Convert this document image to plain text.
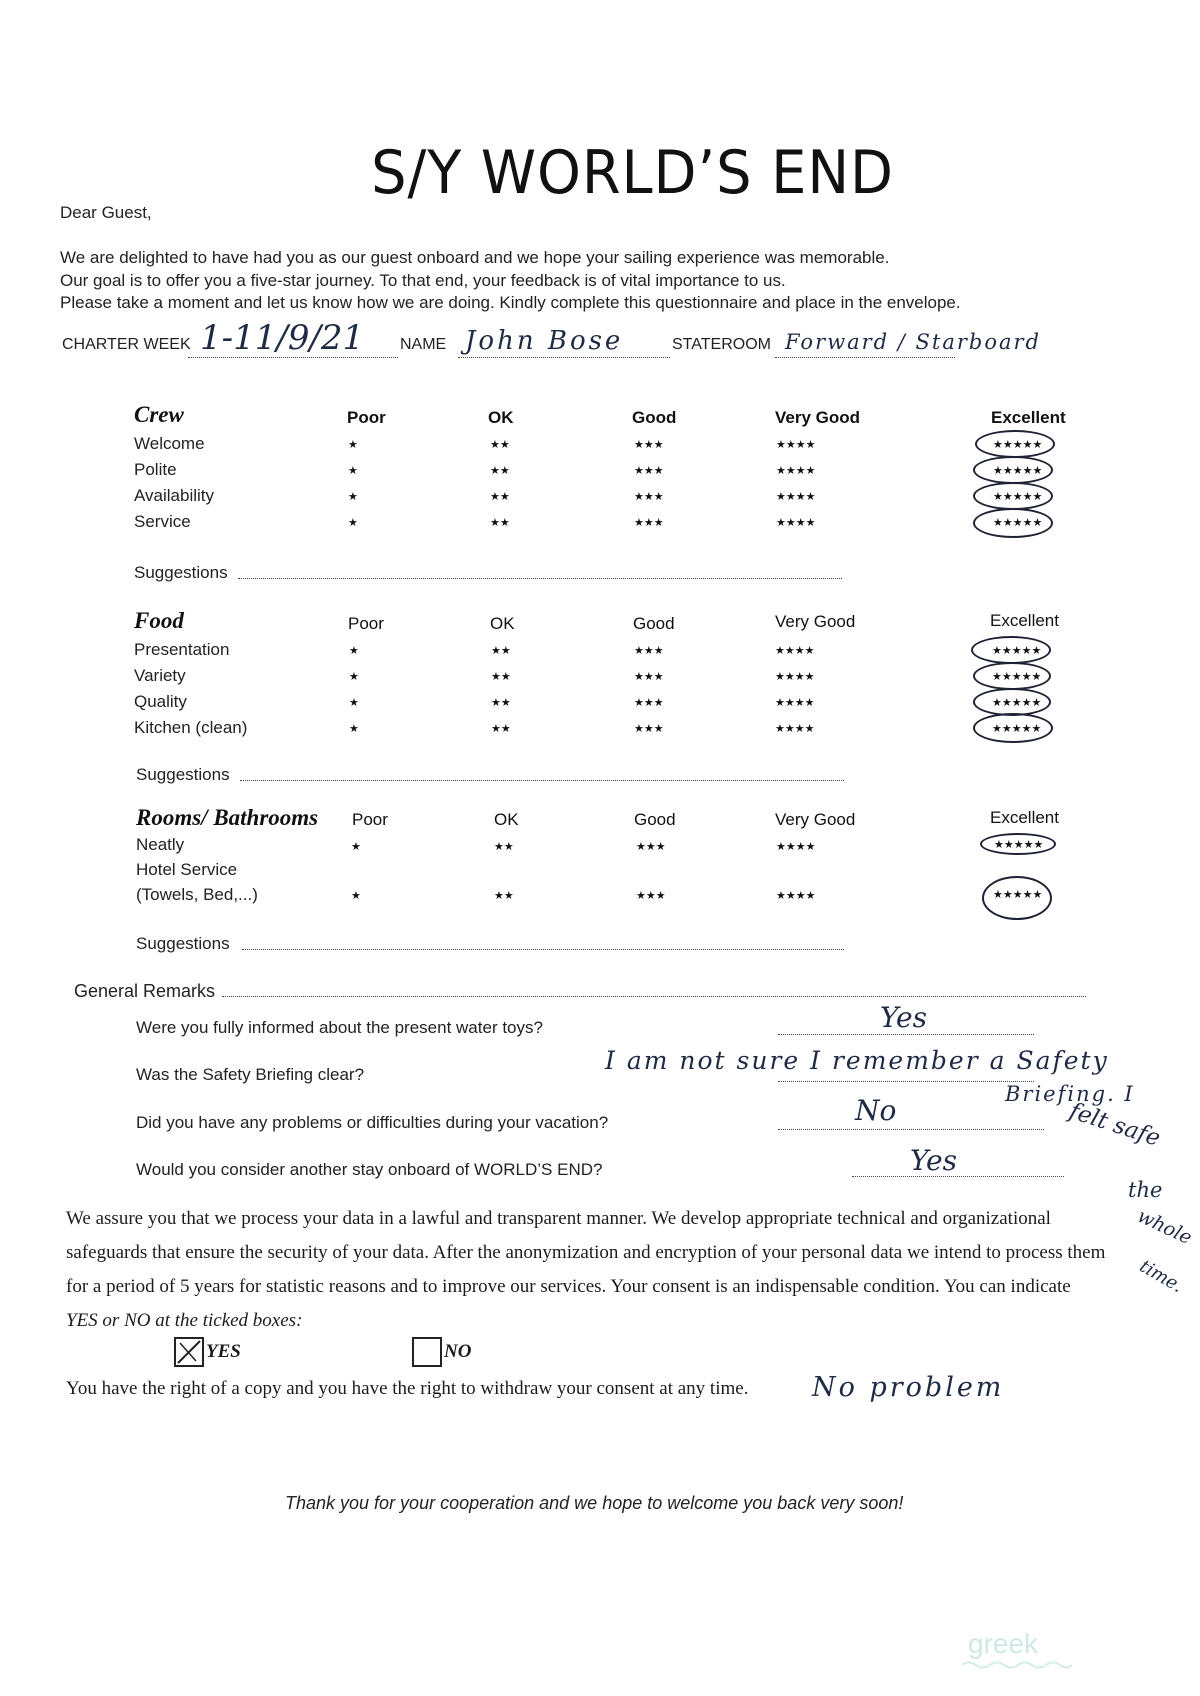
S/Y WORLD’S END
Dear Guest,
We are delighted to have had you as our guest onboard and we hope your sailing experience was memorable.
Our goal is to offer you a five-star journey. To that end, your feedback is of vital importance to us.
Please take a moment and let us know how we are doing. Kindly complete this questionnaire and place in the envelope.
CHARTER WEEK 1-11/9/21 NAME John Bose	STATEROOM Forward / Starboard
Crew	Poor	OK	Good	Very Good	Excellent
Welcome	★	★★	★★★	★★★★	★★★★★
Polite	★	★★	★★★	★★★★	★★★★★
Availability	★	★★	★★★	★★★★	★★★★★
Service	★	★★	★★★	★★★★	★★★★★
Suggestions
Food	Poor	OK	Good	Very Good	Excellent
Presentation	★	★★	★★★	★★★★	★★★★★
Variety	★	★★	★★★	★★★★	★★★★★
Quality	★	★★	★★★	★★★★	★★★★★
Kitchen (clean)	★	★★	★★★	★★★★	★★★★★
Suggestions
Rooms/ Bathrooms Poor	OK	Good	Very Good	Excellent
Neatly	★	★★	★★★	★★★★	★★★★★
Hotel Service
(Towels, Bed,...)	★	★★	★★★	★★★★	★★★★★
Suggestions
General Remarks
Were you fully informed about the present water toys?	Yes
Was the Safety Briefing clear?	I am not sure I remember a Safety
Briefing. I
felt safe
the
whole
time.
Did you have any problems or difficulties during your vacation?	No
Would you consider another stay onboard of WORLD’S END?	Yes
We assure you that we process your data in a lawful and transparent manner. We develop appropriate technical and organizational
safeguards that ensure the security of your data. After the anonymization and encryption of your personal data we intend to process them
for a period of 5 years for statistic reasons and to improve our services. Your consent is an indispensable condition. You can indicate
YES or NO at the ticked boxes:
YES	NO
You have the right of a copy and you have the right to withdraw your consent at any time. No problem
Thank you for your cooperation and we hope to welcome you back very soon!
greek
